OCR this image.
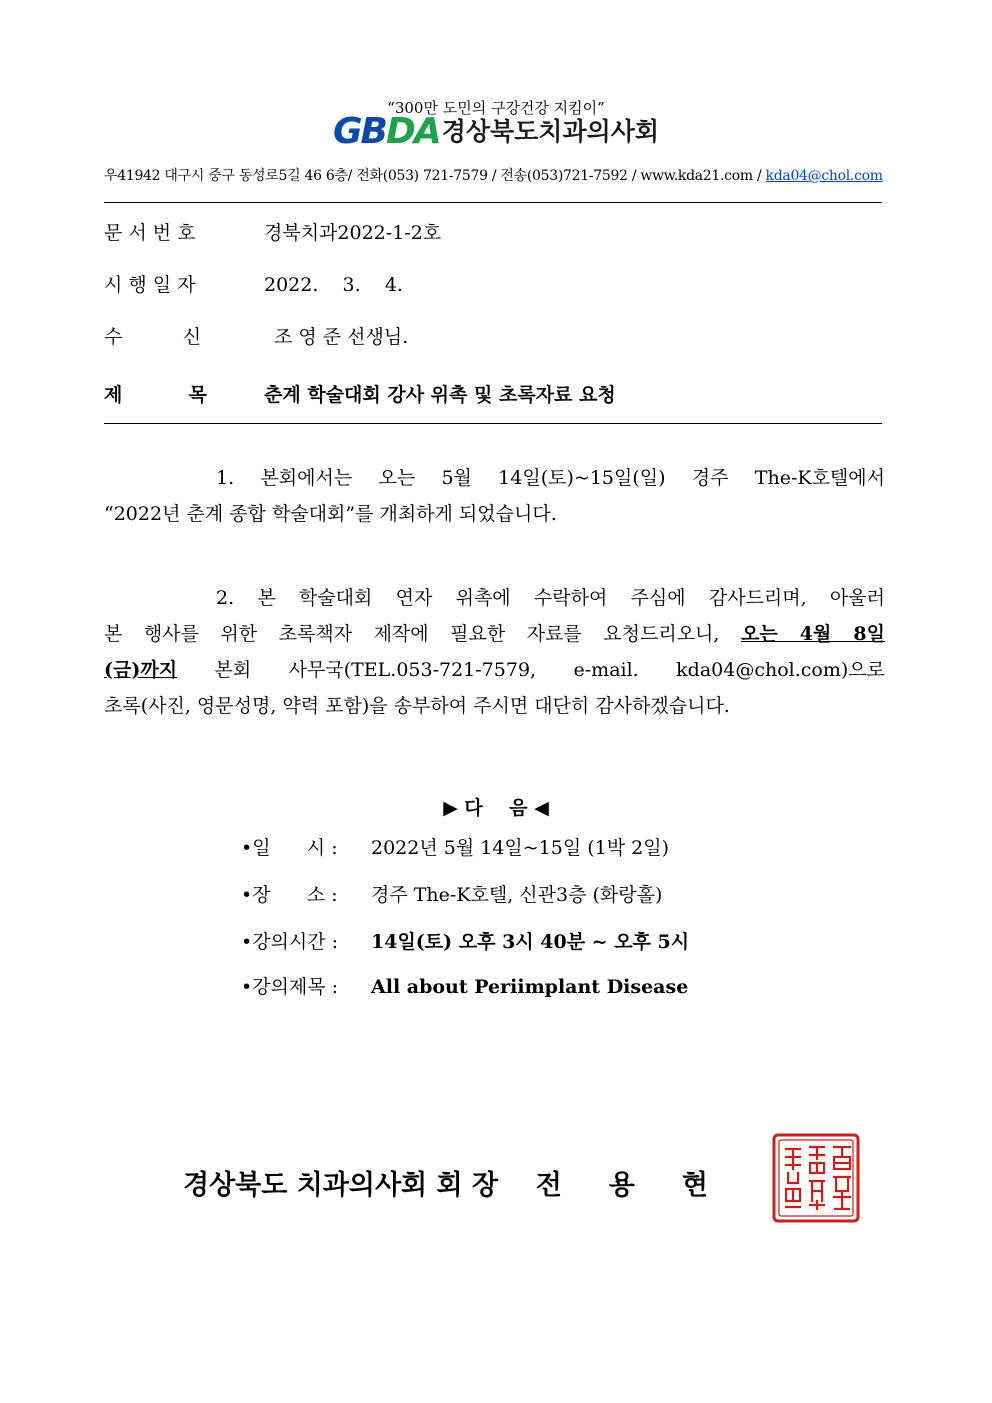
“300만 도민의 구강건강 지킴이”
GBDA 경상북도치과의사회
우41942 대구시 중구 동성로5길 46 6층/ 전화(053) 721-7579 / 전송(053)721-7592 / www.kda21.com / kda04@chol.com
문 서 번 호	경북치과2022-1-2호
시 행 일 자	2022.    3.    4.
수          신	조 영 준 선생님.
제          목	춘계 학술대회 강사 위촉 및 초록자료 요청
1. 본회에서는 오는 5월 14일(토)~15일(일) 경주 The-K호텔에서
“2022년 춘계 종합 학술대회”를 개최하게 되었습니다.
2. 본 학술대회 연자 위촉에 수락하여 주심에 감사드리며, 아울러
본 행사를 위한 초록책자 제작에 필요한 자료를 요청드리오니, 오는 4월 8일
(금)까지 본회 사무국(TEL.053-721-7579, e-mail. kda04@chol.com)으로
초록(사진, 영문성명, 약력 포함)을 송부하여 주시면 대단히 감사하겠습니다.
▶ 다    음 ◀
•일      시 : 2022년 5월 14일~15일 (1박 2일)
•장      소 : 경주 The-K호텔, 신관3층 (화랑홀)
•강의시간 : 14일(토) 오후 3시 40분 ~ 오후 5시
•강의제목 : All about Periimplant Disease
경상북도 치과의사회 회 장    전     용     현
